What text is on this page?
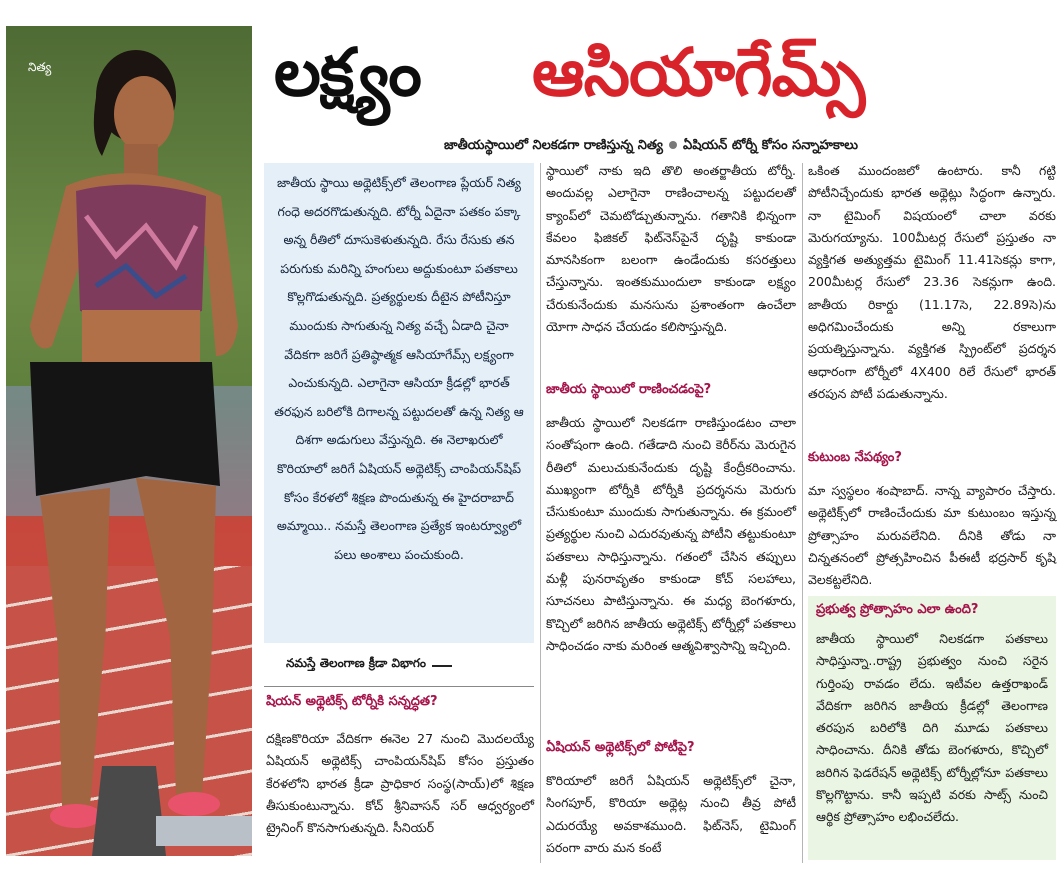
నిత్య	లక్ష్యం ఆసియాగేమ్స్
జాతీయస్థాయిలో నిలకడగా రాణిస్తున్న నిత్య ఏషియన్ టోర్నీ కోసం సన్నాహకాలు

జాతీయ స్థాయి అథ్లెటిక్స్‌లో తెలంగాణ ప్లేయర్ నిత్య గంధె అదరగొడుతున్నది. టోర్నీ ఏదైనా పతకం పక్కా అన్న రీతిలో దూసుకెళుతున్నది. రేసు రేసుకు తన పరుగుకు మరిన్ని హంగులు అద్దుకుంటూ పతకాలు కొల్లగొడుతున్నది. ప్రత్యర్థులకు దీటైన పోటీనిస్తూ ముందుకు సాగుతున్న నిత్య వచ్చే ఏడాది చైనా వేదికగా జరిగే ప్రతిష్ఠాత్మక ఆసియాగేమ్స్ లక్ష్యంగా ఎంచుకున్నది. ఎలాగైనా ఆసియా క్రీడల్లో భారత్ తరఫున బరిలోకి దిగాలన్న పట్టుదలతో ఉన్న నిత్య ఆ దిశగా అడుగులు వేస్తున్నది. ఈ నెలాఖరులో కొరియాలో జరిగే ఏషియన్ అథ్లెటిక్స్ చాంపియన్‌షిప్ కోసం కేరళలో శిక్షణ పొందుతున్న ఈ హైదరాబాద్ అమ్మాయి.. నమస్తే తెలంగాణ ప్రత్యేక ఇంటర్వ్యూలో పలు అంశాలు పంచుకుంది.

నమస్తే తెలంగాణ క్రీడా విభాగం
షియన్ అథ్లెటిక్స్ టోర్నీకి సన్నద్ధత?

దక్షిణకొరియా వేదికగా ఈనెల 27 నుంచి మొదలయ్యే ఏషియన్ అథ్లెటిక్స్ చాంపియన్‌షిప్ కోసం ప్రస్తుతం కేరళలోని భారత క్రీడా ప్రాధికార సంస్థ(సాయ్)లో శిక్షణ తీసుకుంటున్నాను. కోచ్ శ్రీనివాసన్ సర్ ఆధ్వర్యంలో ట్రైనింగ్ కొనసాగుతున్నది. సీనియర్

స్థాయిలో నాకు ఇది తొలి అంతర్జాతీయ టోర్నీ. అందువల్ల ఎలాగైనా రాణించాలన్న పట్టుదలతో క్యాంప్‌లో చెమటోడ్చుతున్నాను. గతానికి భిన్నంగా కేవలం ఫిజికల్ ఫిట్‌నెస్‌పైనే దృష్టి కాకుండా మానసికంగా బలంగా ఉండేందుకు కసరత్తులు చేస్తున్నాను. ఇంతకుముందులా కాకుండా లక్ష్యం చేరుకునేందుకు మనసును ప్రశాంతంగా ఉంచేలా యోగా సాధన చేయడం కలిసొస్తున్నది.

జాతీయ స్థాయిలో రాణించడంపై?

జాతీయ స్థాయిలో నిలకడగా రాణిస్తుండటం చాలా సంతోషంగా ఉంది. గతేడాది నుంచి కెరీర్‌ను మెరుగైన రీతిలో మలుచుకునేందుకు దృష్టి కేంద్రీకరించాను. ముఖ్యంగా టోర్నీకి టోర్నీకి ప్రదర్శనను మెరుగు చేసుకుంటూ ముందుకు సాగుతున్నాను. ఈ క్రమంలో ప్రత్యర్థుల నుంచి ఎదురవుతున్న పోటీని తట్టుకుంటూ పతకాలు సాధిస్తున్నాను. గతంలో చేసిన తప్పులు మళ్లీ పునరావృతం కాకుండా కోచ్ సలహాలు, సూచనలు పాటిస్తున్నాను. ఈ మధ్య బెంగళూరు, కొచ్చిలో జరిగిన జాతీయ అథ్లెటిక్స్ టోర్నీల్లో పతకాలు సాధించడం నాకు మరింత ఆత్మవిశ్వాసాన్ని ఇచ్చింది.

ఏషియన్ అథ్లెటిక్స్‌లో పోటీపై?

కొరియాలో జరిగే ఏషియన్ అథ్లెటిక్స్‌లో చైనా, సింగపూర్, కొరియా అథ్లెట్ల నుంచి తీవ్ర పోటీ ఎదురయ్యే అవకాశముంది. ఫిట్‌నెస్, టైమింగ్ పరంగా వారు మన కంటే

ఒకింత ముందంజలో ఉంటారు. కానీ గట్టి పోటీనిచ్చేందుకు భారత అథ్లెట్లు సిద్ధంగా ఉన్నారు. నా టైమింగ్ విషయంలో చాలా వరకు మెరుగయ్యాను. 100మీటర్ల రేసులో ప్రస్తుతం నా వ్యక్తిగత అత్యుత్తమ టైమింగ్ 11.41సెకన్లు కాగా, 200మీటర్ల రేసులో 23.36 సెకన్లుగా ఉంది. జాతీయ రికార్డు (11.17సె, 22.89సె)ను అధిగమించేందుకు అన్ని రకాలుగా ప్రయత్నిస్తున్నాను. వ్యక్తిగత స్ప్రింట్‌లో ప్రదర్శన ఆధారంగా టోర్నీలో 4X400 రిలే రేసులో భారత్ తరపున పోటీ పడుతున్నాను.

కుటుంబ నేపథ్యం?

మా స్వస్థలం శంషాబాద్. నాన్న వ్యాపారం చేస్తారు. అథ్లెటిక్స్‌లో రాణించేందుకు మా కుటుంబం ఇస్తున్న ప్రోత్సాహం మరువలేనిది. దీనికి తోడు నా చిన్నతనంలో ప్రోత్సహించిన పీఈటీ భద్రసార్ కృషి వెలకట్టలేనిది.

ప్రభుత్వ ప్రోత్సాహం ఎలా ఉంది?

జాతీయ స్థాయిలో నిలకడగా పతకాలు సాధిస్తున్నా..రాష్ట్ర ప్రభుత్వం నుంచి సరైన గుర్తింపు రావడం లేదు. ఇటీవల ఉత్తరాఖండ్ వేదికగా జరిగిన జాతీయ క్రీడల్లో తెలంగాణ తరపున బరిలోకి దిగి మూడు పతకాలు సాధించాను. దీనికి తోడు బెంగళూరు, కొచ్చిలో జరిగిన ఫెడరేషన్ అథ్లెటిక్స్ టోర్నీల్లోనూ పతకాలు కొల్లగొట్టాను. కానీ ఇప్పటి వరకు సాట్స్ నుంచి ఆర్థిక ప్రోత్సాహం లభించలేదు.
